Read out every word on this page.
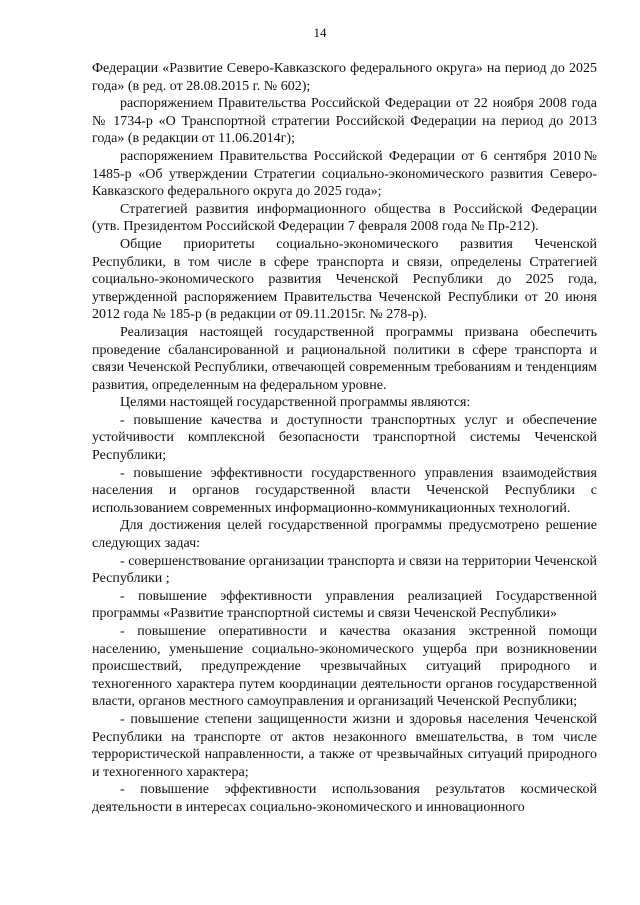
14

Федерации «Развитие Северо-Кавказского федерального округа» на период до 2025 года» (в ред. от 28.08.2015 г. № 602);

распоряжением Правительства Российской Федерации от 22 ноября 2008 года № 1734-р «О Транспортной стратегии Российской Федерации на период до 2013 года» (в редакции от 11.06.2014г);

распоряжением Правительства Российской Федерации от 6 сентября 2010№ 1485-р «Об утверждении Стратегии социально-экономического развития Северо-Кавказского федерального округа до 2025 года»;

Стратегией развития информационного общества в Российской Федерации (утв. Президентом Российской Федерации 7 февраля 2008 года № Пр-212).

Общие приоритеты социально-экономического развития Чеченской Республики, в том числе в сфере транспорта и связи, определены Стратегией социально-экономического развития Чеченской Республики до 2025 года, утвержденной распоряжением Правительства Чеченской Республики от 20 июня 2012 года № 185-р (в редакции от 09.11.2015г. № 278-р).

Реализация настоящей государственной программы призвана обеспечить проведение сбалансированной и рациональной политики в сфере транспорта и связи Чеченской Республики, отвечающей современным требованиям и тенденциям развития, определенным на федеральном уровне.

Целями настоящей государственной программы являются:

- повышение качества и доступности транспортных услуг и обеспечение устойчивости комплексной безопасности транспортной системы Чеченской Республики;

- повышение эффективности государственного управления взаимодействия населения и органов государственной власти Чеченской Республики с использованием современных информационно-коммуникационных технологий.

Для достижения целей государственной программы предусмотрено решение следующих задач:

- совершенствование организации транспорта и связи на территории Чеченской Республики ;

- повышение эффективности управления реализацией Государственной программы «Развитие транспортной системы и связи Чеченской Республики»

- повышение оперативности и качества оказания экстренной помощи населению, уменьшение социально-экономического ущерба при возникновении происшествий, предупреждение чрезвычайных ситуаций природного и техногенного характера путем координации деятельности органов государственной власти, органов местного самоуправления и организаций Чеченской Республики;

- повышение степени защищенности жизни и здоровья населения Чеченской Республики на транспорте от актов незаконного вмешательства, в том числе террористической направленности, а также от чрезвычайных ситуаций природного и техногенного характера;

- повышение эффективности использования результатов космической деятельности в интересах социально-экономического и инновационного
